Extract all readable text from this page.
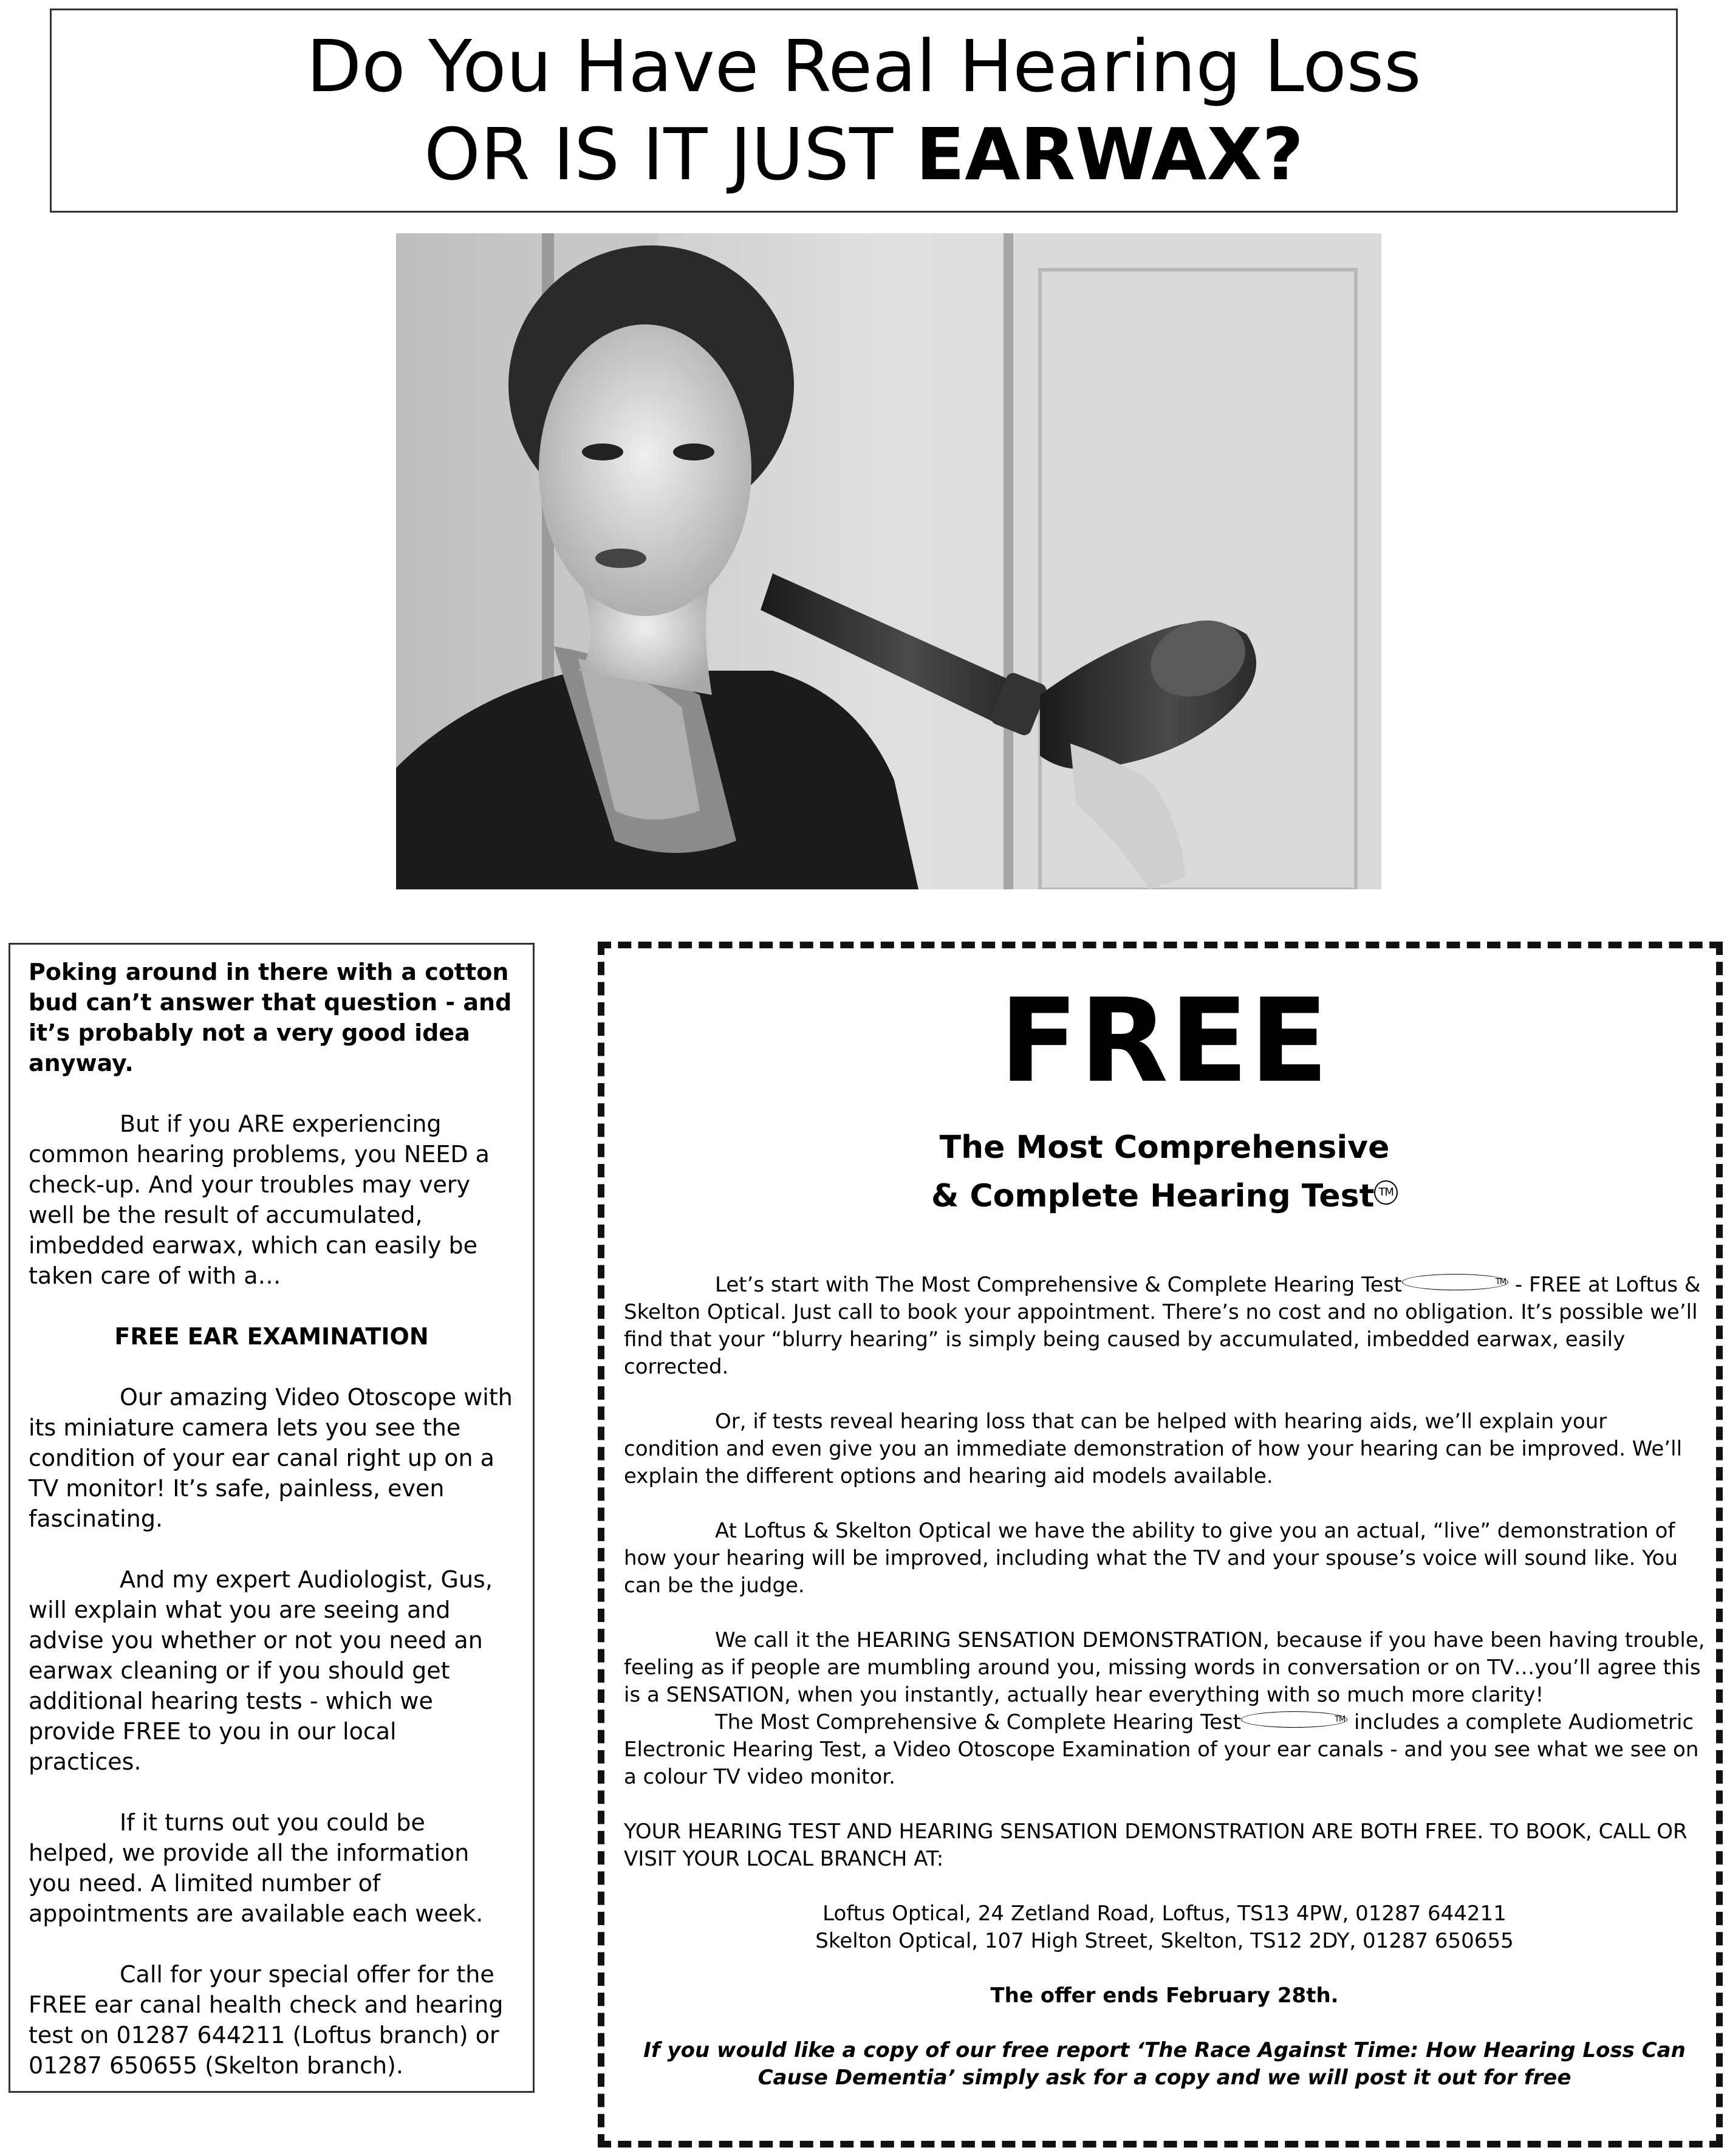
Do You Have Real Hearing Loss
OR IS IT JUST EARWAX?

Poking around in there with a cotton bud can’t answer that question - and it’s probably not a very good idea anyway.

But if you ARE experiencing common hearing problems, you NEED a check-up. And your troubles may very well be the result of accumulated, imbedded earwax, which can easily be taken care of with a…

FREE EAR EXAMINATION

Our amazing Video Otoscope with its miniature camera lets you see the condition of your ear canal right up on a TV monitor! It’s safe, painless, even fascinating.

And my expert Audiologist, Gus, will explain what you are seeing and advise you whether or not you need an earwax cleaning or if you should get additional hearing tests - which we provide FREE to you in our local practices.

If it turns out you could be helped, we provide all the information you need. A limited number of appointments are available each week.

Call for your special offer for the FREE ear canal health check and hearing test on 01287 644211 (Loftus branch) or 01287 650655 (Skelton branch).

FREE
The Most Comprehensive
& Complete Hearing Test TM

Let’s start with The Most Comprehensive & Complete Hearing Test	TM - FREE at Loftus & Skelton Optical. Just call to book your appointment. There’s no cost and no obligation. It’s possible we’ll find that your “blurry hearing” is simply being caused by accumulated, imbedded earwax, easily corrected.

Or, if tests reveal hearing loss that can be helped with hearing aids, we’ll explain your condition and even give you an immediate demonstration of how your hearing can be improved. We’ll explain the different options and hearing aid models available.

At Loftus & Skelton Optical we have the ability to give you an actual, “live” demonstration of how your hearing will be improved, including what the TV and your spouse’s voice will sound like. You can be the judge.

We call it the HEARING SENSATION DEMONSTRATION, because if you have been having trouble, feeling as if people are mumbling around you, missing words in conversation or on TV…you’ll agree this is a SENSATION, when you instantly, actually hear everything with so much more clarity!

The Most Comprehensive & Complete Hearing Test	TM includes a complete Audiometric Electronic Hearing Test, a Video Otoscope Examination of your ear canals - and you see what we see on a colour TV video monitor.

YOUR HEARING TEST AND HEARING SENSATION DEMONSTRATION ARE BOTH FREE. TO BOOK, CALL OR VISIT YOUR LOCAL BRANCH AT:

Loftus Optical, 24 Zetland Road, Loftus, TS13 4PW, 01287 644211
Skelton Optical, 107 High Street, Skelton, TS12 2DY, 01287 650655

The offer ends February 28th.

If you would like a copy of our free report ‘The Race Against Time: How Hearing Loss Can Cause Dementia’ simply ask for a copy and we will post it out for free
